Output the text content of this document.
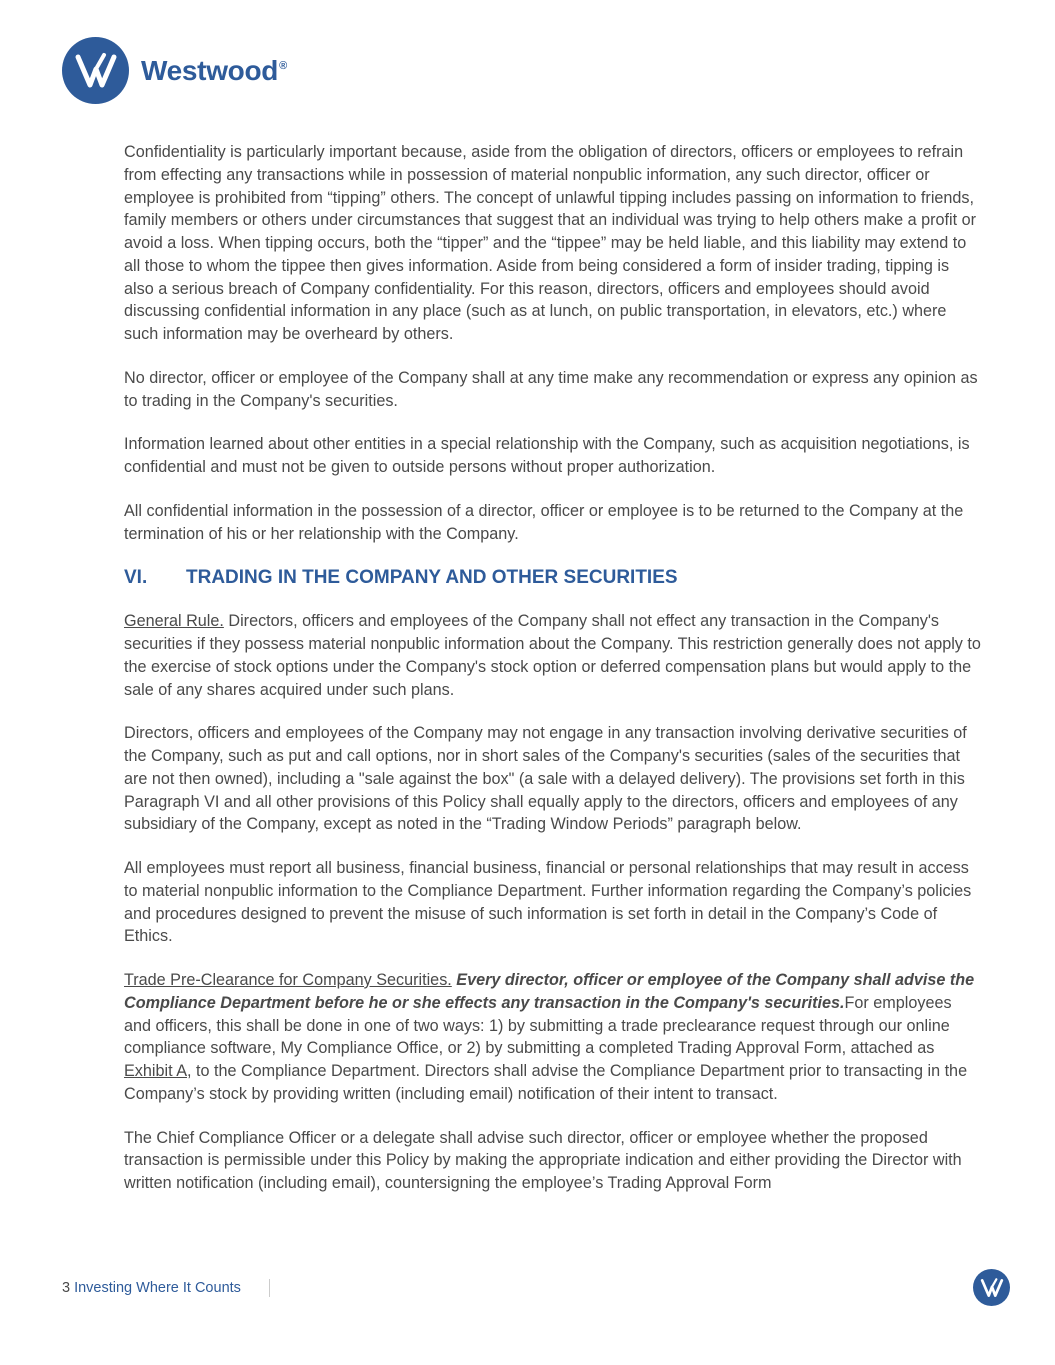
Westwood®

Confidentiality is particularly important because, aside from the obligation of directors, officers or employees to refrain from effecting any transactions while in possession of material nonpublic information, any such director, officer or employee is prohibited from “tipping” others. The concept of unlawful tipping includes passing on information to friends, family members or others under circumstances that suggest that an individual was trying to help others make a profit or avoid a loss. When tipping occurs, both the “tipper” and the “tippee” may be held liable, and this liability may extend to all those to whom the tippee then gives information. Aside from being considered a form of insider trading, tipping is also a serious breach of Company confidentiality. For this reason, directors, officers and employees should avoid discussing confidential information in any place (such as at lunch, on public transportation, in elevators, etc.) where such information may be overheard by others.

No director, officer or employee of the Company shall at any time make any recommendation or express any opinion as to trading in the Company's securities.

Information learned about other entities in a special relationship with the Company, such as acquisition negotiations, is confidential and must not be given to outside persons without proper authorization.

All confidential information in the possession of a director, officer or employee is to be returned to the Company at the termination of his or her relationship with the Company.

VI.	TRADING IN THE COMPANY AND OTHER SECURITIES

General Rule. Directors, officers and employees of the Company shall not effect any transaction in the Company's securities if they possess material nonpublic information about the Company. This restriction generally does not apply to the exercise of stock options under the Company's stock option or deferred compensation plans but would apply to the sale of any shares acquired under such plans.

Directors, officers and employees of the Company may not engage in any transaction involving derivative securities of the Company, such as put and call options, nor in short sales of the Company's securities (sales of the securities that are not then owned), including a "sale against the box" (a sale with a delayed delivery). The provisions set forth in this Paragraph VI and all other provisions of this Policy shall equally apply to the directors, officers and employees of any subsidiary of the Company, except as noted in the “Trading Window Periods” paragraph below.

All employees must report all business, financial business, financial or personal relationships that may result in access to material nonpublic information to the Compliance Department. Further information regarding the Company’s policies and procedures designed to prevent the misuse of such information is set forth in detail in the Company’s Code of Ethics.

Trade Pre-Clearance for Company Securities. Every director, officer or employee of the Company shall advise the Compliance Department before he or she effects any transaction in the Company's securities.For employees and officers, this shall be done in one of two ways: 1) by submitting a trade preclearance request through our online compliance software, My Compliance Office, or 2) by submitting a completed Trading Approval Form, attached as Exhibit A, to the Compliance Department. Directors shall advise the Compliance Department prior to transacting in the Company’s stock by providing written (including email) notification of their intent to transact.

The Chief Compliance Officer or a delegate shall advise such director, officer or employee whether the proposed transaction is permissible under this Policy by making the appropriate indication and either providing the Director with written notification (including email), countersigning the employee’s Trading Approval Form

3 Investing Where It Counts
